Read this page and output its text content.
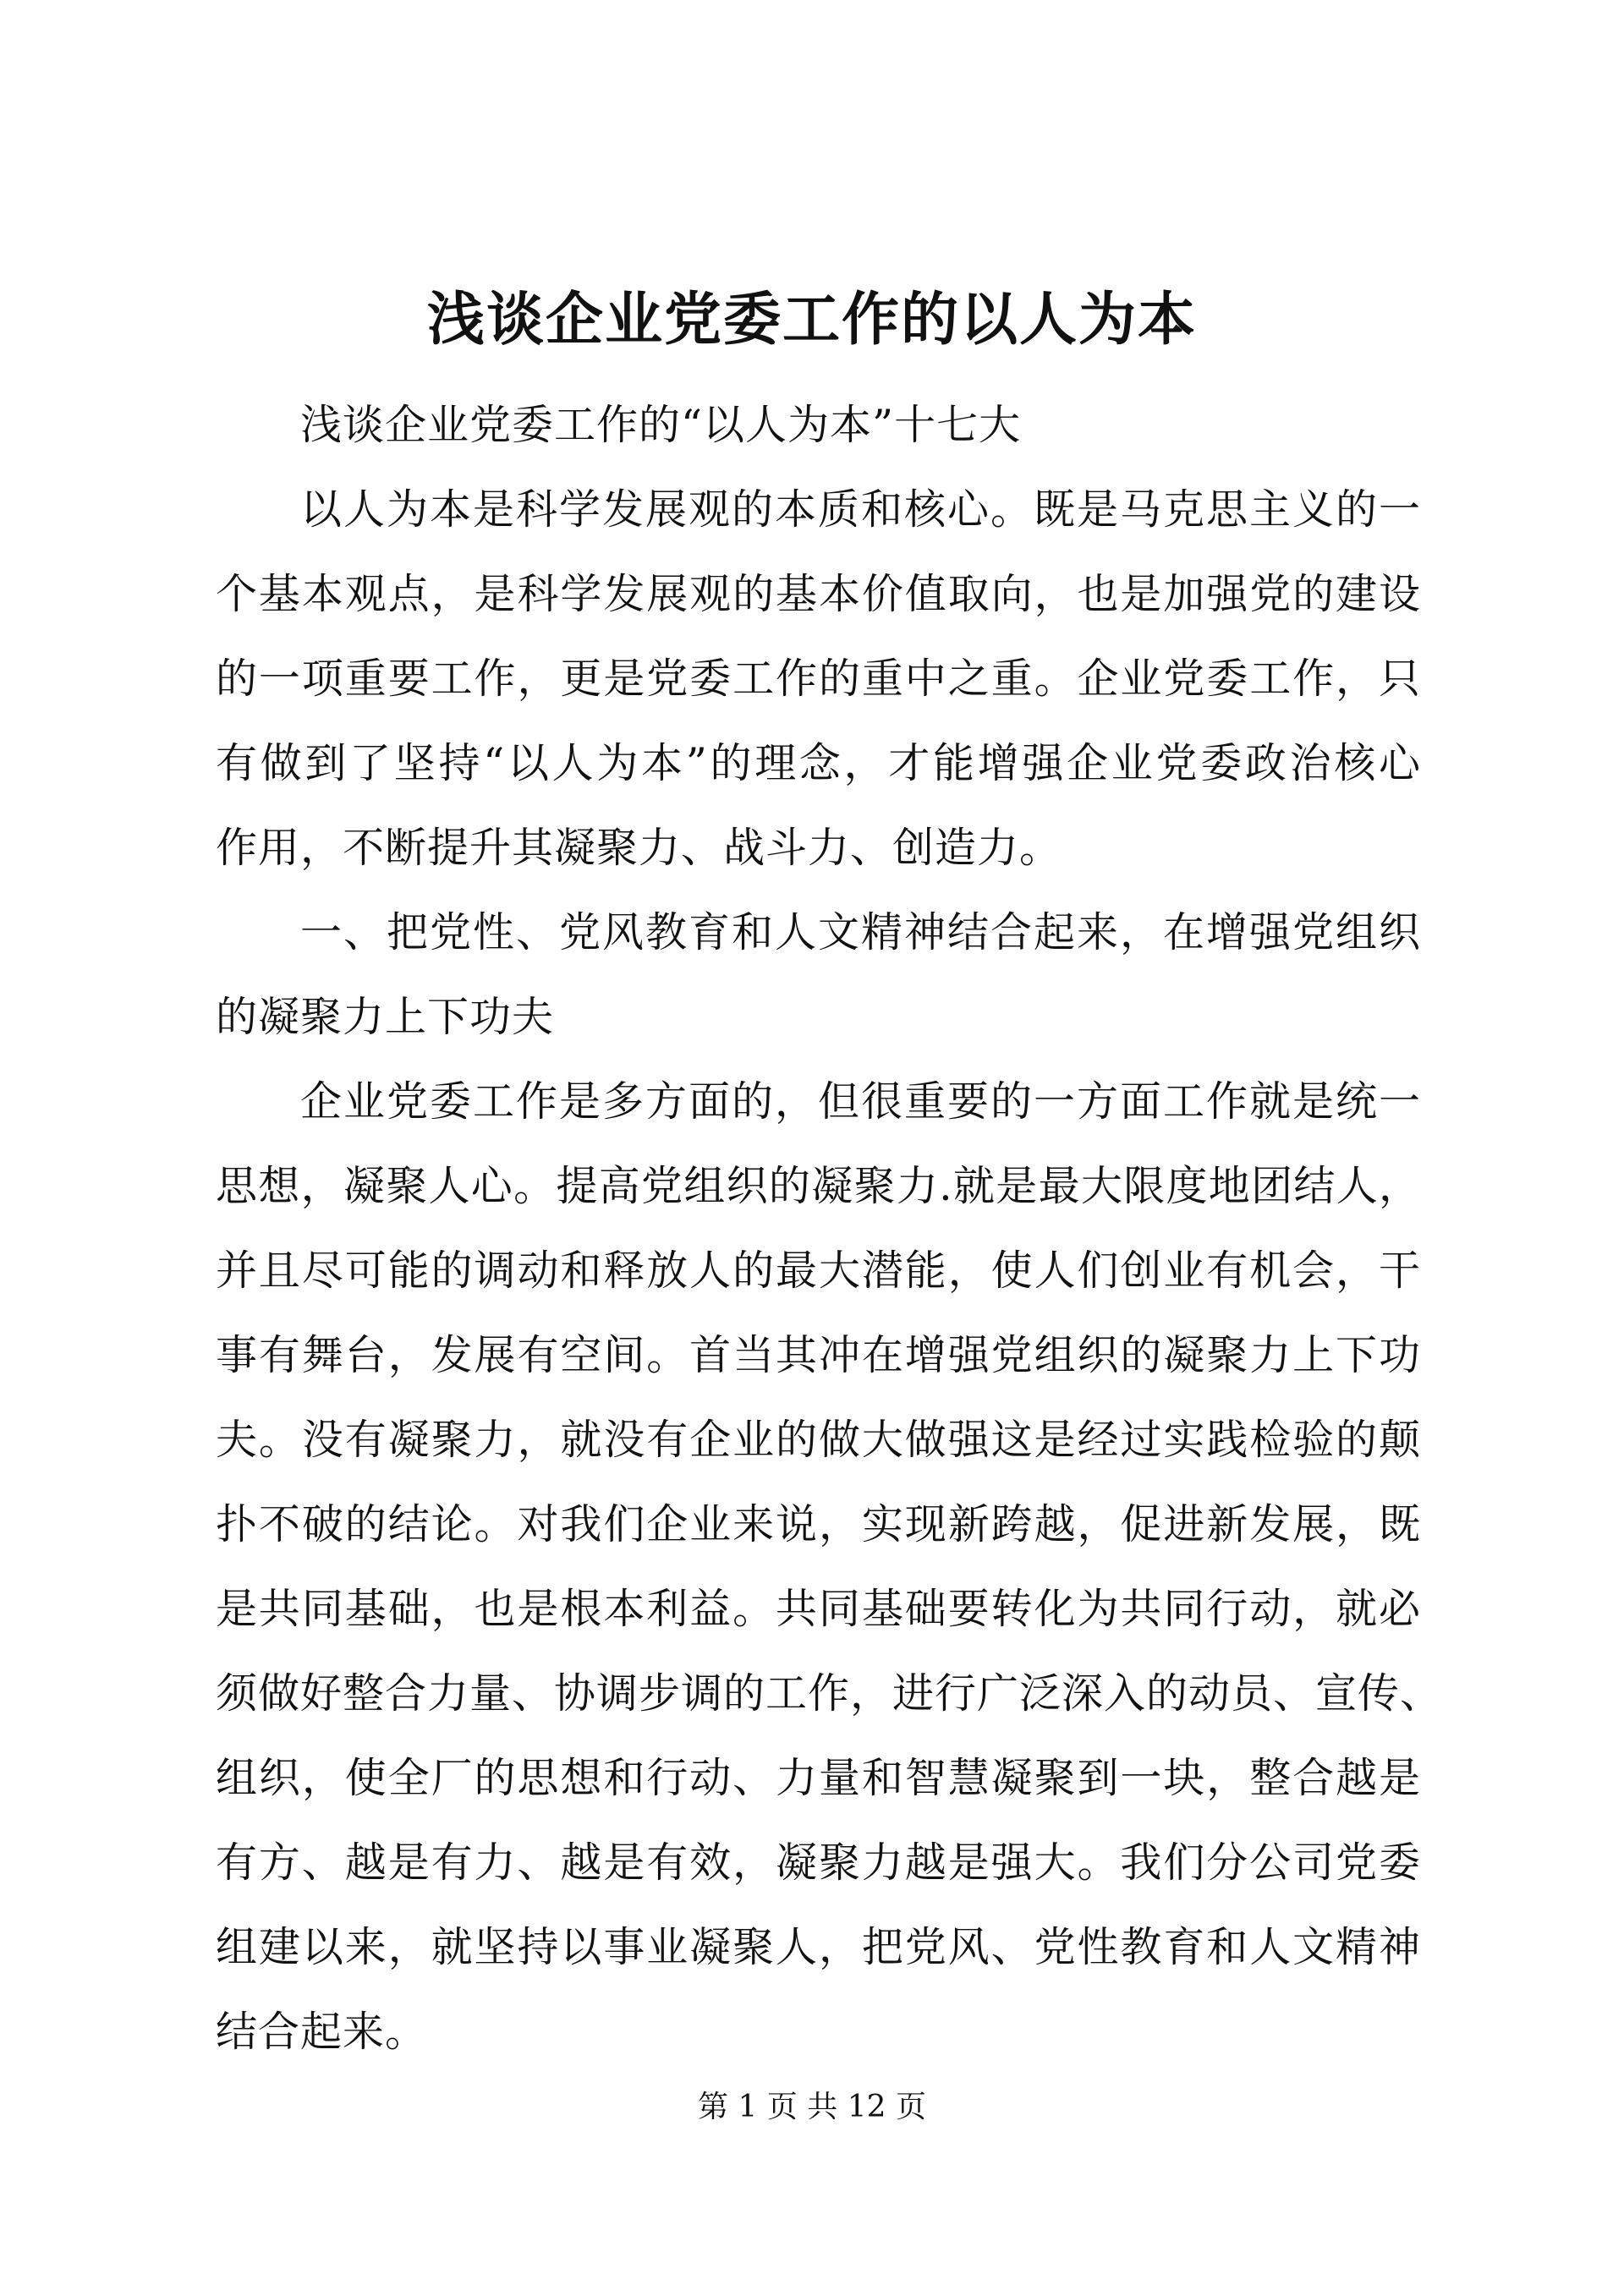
浅谈企业党委工作的以人为本
浅谈企业党委工作的“以人为本”十七大
以人为本是科学发展观的本质和核心。既是马克思主义的一
个基本观点，是科学发展观的基本价值取向，也是加强党的建设
的一项重要工作，更是党委工作的重中之重。企业党委工作，只
有做到了坚持“以人为本”的理念，才能增强企业党委政治核心
作用，不断提升其凝聚力、战斗力、创造力。
一、把党性、党风教育和人文精神结合起来，在增强党组织
的凝聚力上下功夫
企业党委工作是多方面的，但很重要的一方面工作就是统一
思想，凝聚人心。提高党组织的凝聚力.就是最大限度地团结人，
并且尽可能的调动和释放人的最大潜能，使人们创业有机会，干
事有舞台，发展有空间。首当其冲在增强党组织的凝聚力上下功
夫。没有凝聚力，就没有企业的做大做强这是经过实践检验的颠
扑不破的结论。对我们企业来说，实现新跨越，促进新发展，既
是共同基础，也是根本利益。共同基础要转化为共同行动，就必
须做好整合力量、协调步调的工作，进行广泛深入的动员、宣传、
组织，使全厂的思想和行动、力量和智慧凝聚到一块，整合越是
有方、越是有力、越是有效，凝聚力越是强大。我们分公司党委
组建以来，就坚持以事业凝聚人，把党风、党性教育和人文精神
结合起来。
第 1 页 共 12 页
